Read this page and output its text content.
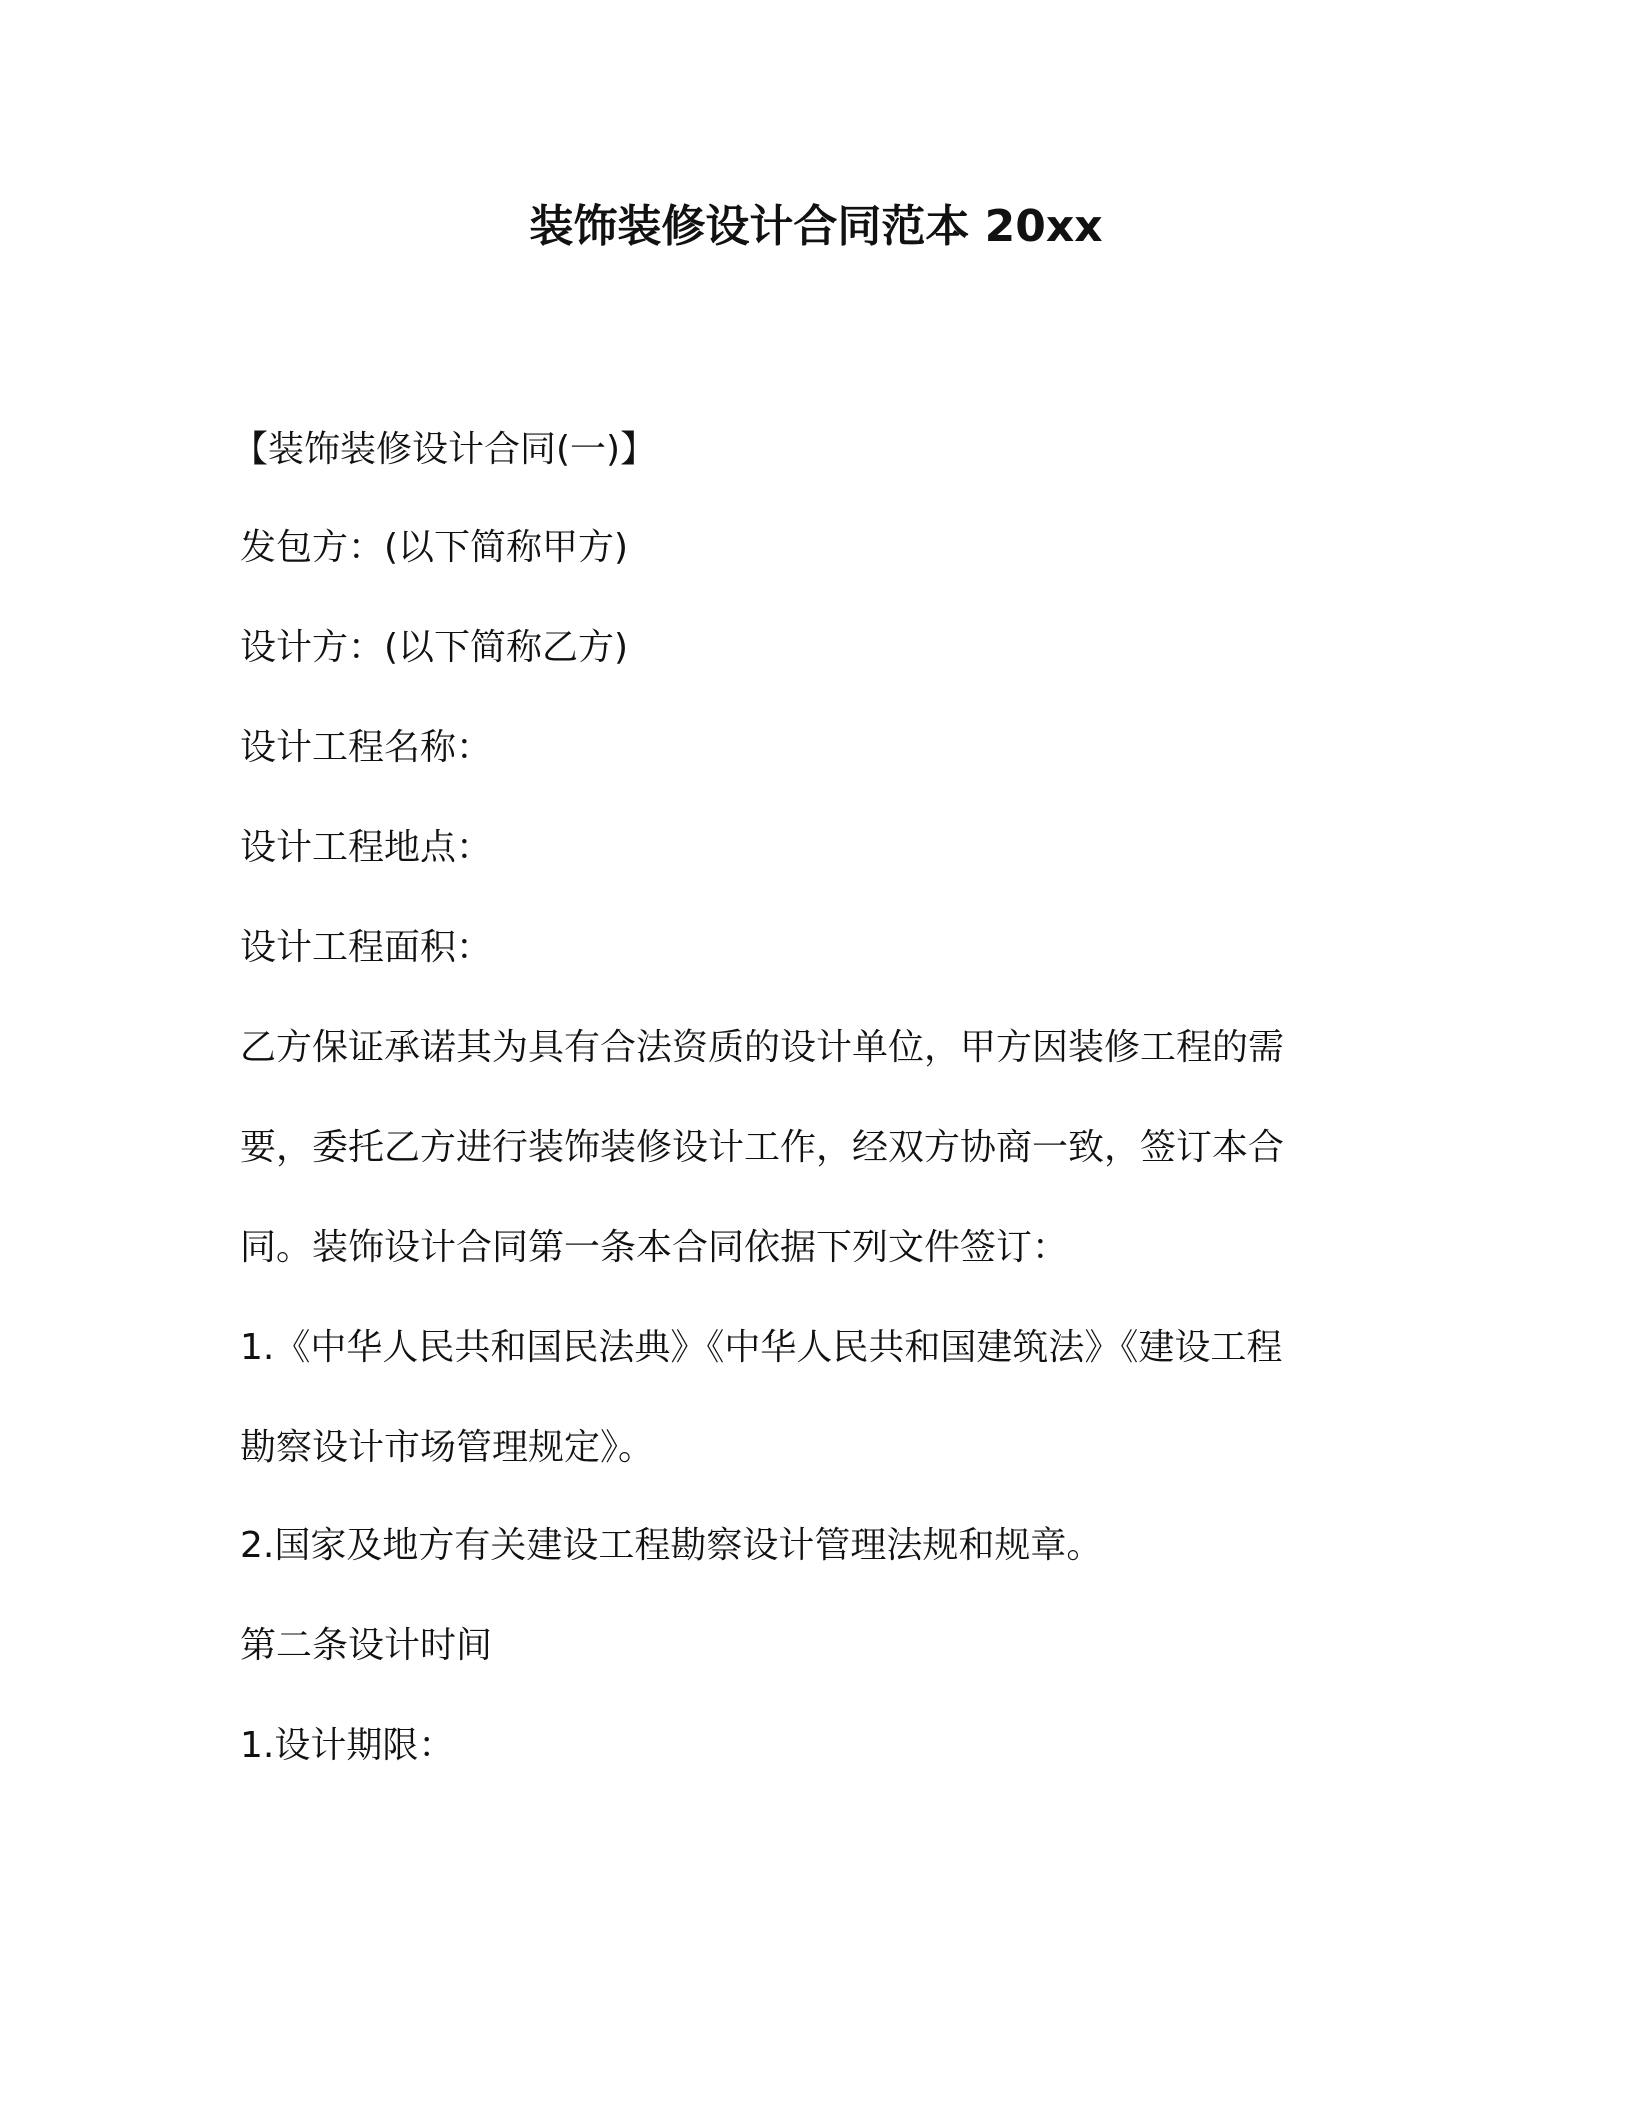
装饰装修设计合同范本 20xx

【装饰装修设计合同(一)】

发包方：(以下简称甲方)

设计方：(以下简称乙方)

设计工程名称：

设计工程地点：

设计工程面积：

乙方保证承诺其为具有合法资质的设计单位，甲方因装修工程的需

要，委托乙方进行装饰装修设计工作，经双方协商一致，签订本合

同。装饰设计合同第一条本合同依据下列文件签订：

1.《中华人民共和国民法典》《中华人民共和国建筑法》《建设工程

勘察设计市场管理规定》。

2.国家及地方有关建设工程勘察设计管理法规和规章。

第二条设计时间

1.设计期限：
